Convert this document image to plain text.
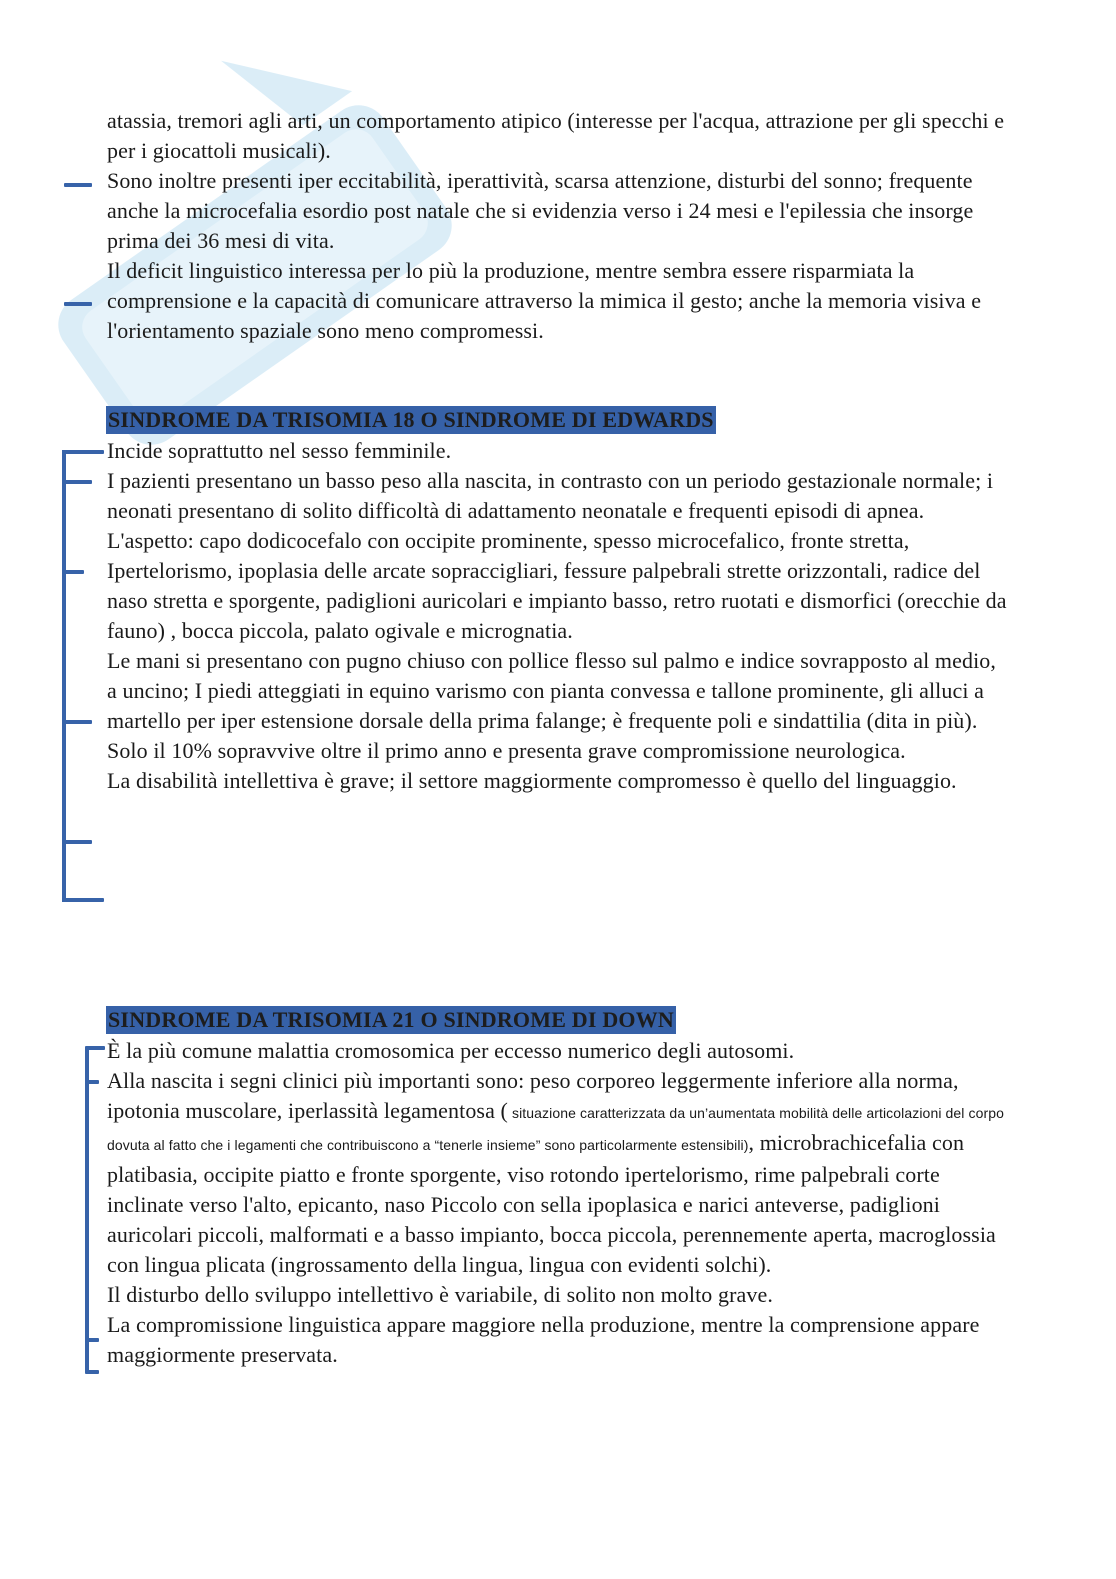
atassia, tremori agli arti, un comportamento atipico (interesse per l'acqua, attrazione per gli specchi e per i giocattoli musicali).

Sono inoltre presenti iper eccitabilità, iperattività, scarsa attenzione, disturbi del sonno; frequente anche la microcefalia esordio post natale che si evidenzia verso i 24 mesi e l'epilessia che insorge prima dei 36 mesi di vita.

Il deficit linguistico interessa per lo più la produzione, mentre sembra essere risparmiata la comprensione e la capacità di comunicare attraverso la mimica il gesto; anche la memoria visiva e l'orientamento spaziale sono meno compromessi.

SINDROME DA TRISOMIA 18 O SINDROME DI EDWARDS

Incide soprattutto nel sesso femminile.

I pazienti presentano un basso peso alla nascita, in contrasto con un periodo gestazionale normale; i neonati presentano di solito difficoltà di adattamento neonatale e frequenti episodi di apnea.

L'aspetto: capo dodicocefalo con occipite prominente, spesso microcefalico, fronte stretta, Ipertelorismo, ipoplasia delle arcate sopraccigliari, fessure palpebrali strette orizzontali, radice del naso stretta e sporgente, padiglioni auricolari e impianto basso, retro ruotati e dismorfici (orecchie da fauno) , bocca piccola, palato ogivale e micrognatia.

Le mani si presentano con pugno chiuso con pollice flesso sul palmo e indice sovrapposto al medio, a uncino; I piedi atteggiati in equino varismo con pianta convessa e tallone prominente, gli alluci a martello per iper estensione dorsale della prima falange; è frequente poli e sindattilia (dita in più).

Solo il 10% sopravvive oltre il primo anno e presenta grave compromissione neurologica.

La disabilità intellettiva è grave; il settore maggiormente compromesso è quello del linguaggio.

SINDROME DA TRISOMIA 21 O SINDROME DI DOWN

È la più comune malattia cromosomica per eccesso numerico degli autosomi.

Alla nascita i segni clinici più importanti sono: peso corporeo leggermente inferiore alla norma, ipotonia muscolare, iperlassità legamentosa ( situazione caratterizzata da un’aumentata mobilità delle articolazioni del corpo dovuta al fatto che i legamenti che contribuiscono a “tenerle insieme” sono particolarmente estensibili), microbrachicefalia con platibasia, occipite piatto e fronte sporgente, viso rotondo ipertelorismo, rime palpebrali corte inclinate verso l'alto, epicanto, naso Piccolo con sella ipoplasica e narici anteverse, padiglioni auricolari piccoli, malformati e a basso impianto, bocca piccola, perennemente aperta, macroglossia con lingua plicata (ingrossamento della lingua, lingua con evidenti solchi).

Il disturbo dello sviluppo intellettivo è variabile, di solito non molto grave.

La compromissione linguistica appare maggiore nella produzione, mentre la comprensione appare maggiormente preservata.
